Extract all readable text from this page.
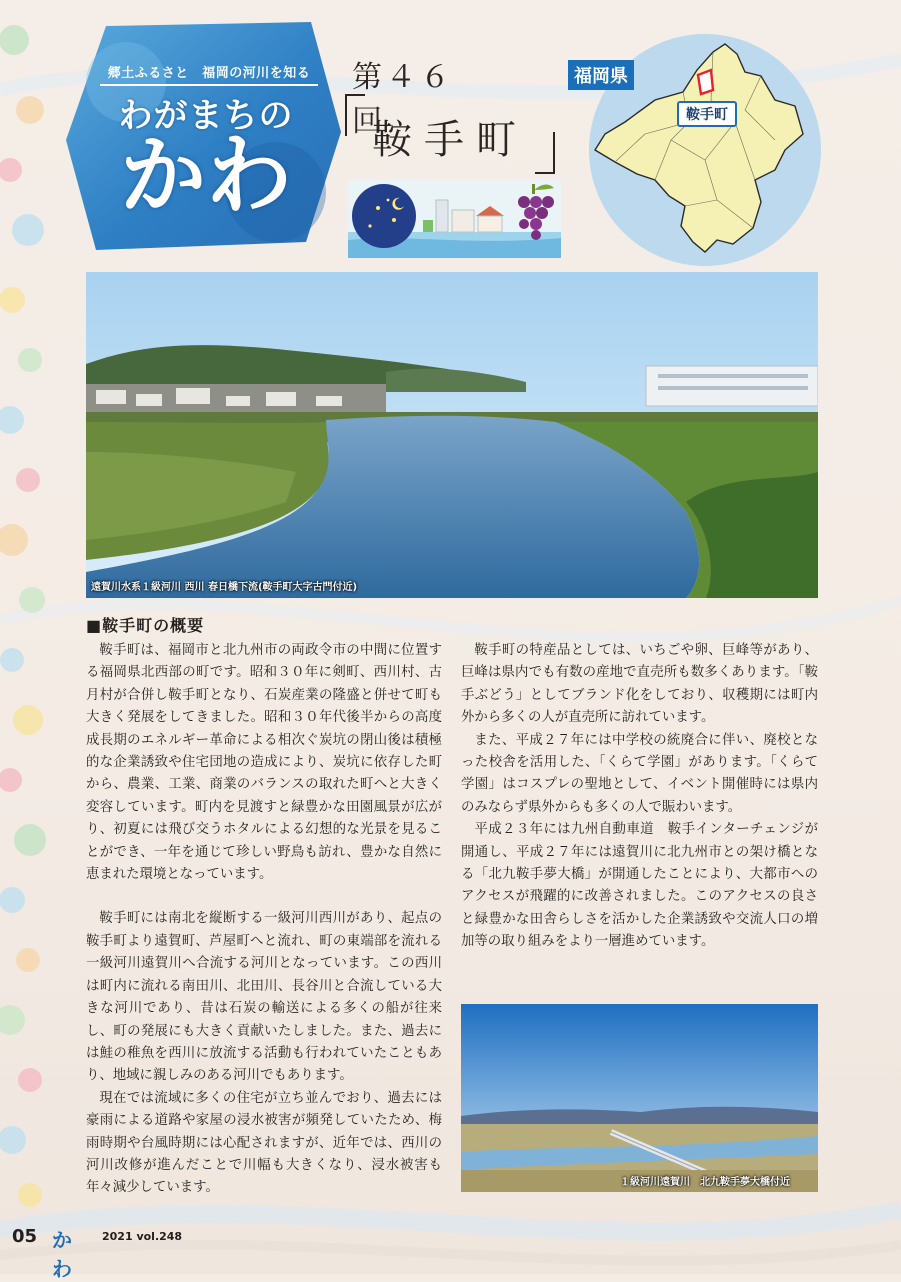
郷土ふるさと　福岡の河川を知る
わがまちの
かわ
第４６回
鞍手町
福岡県
鞍手町
遠賀川水系１級河川 西川 春日橋下流(鞍手町大字古門付近)
■鞍手町の概要

鞍手町は、福岡市と北九州市の両政令市の中間に位置する福岡県北西部の町です。昭和３０年に剣町、西川村、古月村が合併し鞍手町となり、石炭産業の隆盛と併せて町も大きく発展をしてきました。昭和３０年代後半からの高度成長期のエネルギー革命による相次ぐ炭坑の閉山後は積極的な企業誘致や住宅団地の造成により、炭坑に依存した町から、農業、工業、商業のバランスの取れた町へと大きく変容しています。町内を見渡すと緑豊かな田園風景が広がり、初夏には飛び交うホタルによる幻想的な光景を見ることができ、一年を通じて珍しい野鳥も訪れ、豊かな自然に恵まれた環境となっています。

鞍手町には南北を縦断する一級河川西川があり、起点の鞍手町より遠賀町、芦屋町へと流れ、町の東端部を流れる一級河川遠賀川へ合流する河川となっています。この西川は町内に流れる南田川、北田川、長谷川と合流している大きな河川であり、昔は石炭の輸送による多くの船が往来し、町の発展にも大きく貢献いたしました。また、過去には鮭の稚魚を西川に放流する活動も行われていたこともあり、地域に親しみのある河川でもあります。

現在では流域に多くの住宅が立ち並んでおり、過去には豪雨による道路や家屋の浸水被害が頻発していたため、梅雨時期や台風時期には心配されますが、近年では、西川の河川改修が進んだことで川幅も大きくなり、浸水被害も年々減少しています。

鞍手町の特産品としては、いちごや卵、巨峰等があり、巨峰は県内でも有数の産地で直売所も数多くあります。「鞍手ぶどう」としてブランド化をしており、収穫期には町内外から多くの人が直売所に訪れています。

また、平成２７年には中学校の統廃合に伴い、廃校となった校舎を活用した、「くらて学園」があります。「くらて学園」はコスプレの聖地として、イベント開催時には県内のみならず県外からも多くの人で賑わいます。

平成２３年には九州自動車道　鞍手インターチェンジが開通し、平成２７年には遠賀川に北九州市との架け橋となる「北九鞍手夢大橋」が開通したことにより、大都市へのアクセスが飛躍的に改善されました。このアクセスの良さと緑豊かな田舎らしさを活かした企業誘致や交流人口の増加等の取り組みをより一層進めています。

１級河川遠賀川　北九鞍手夢大橋付近
05 かわ
2021 vol.248
